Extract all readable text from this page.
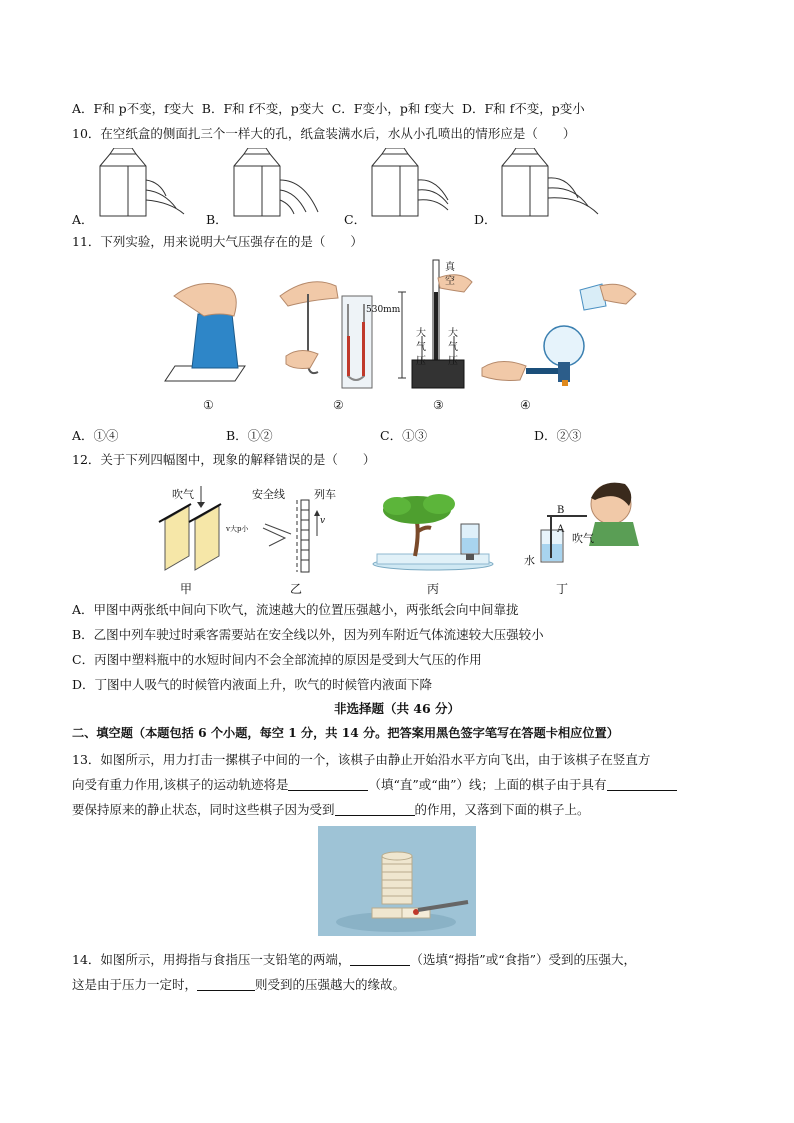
A．F和 p不变，f变大 B．F和 f不变，p变大 C．F变小，p和 f变大 D．F和 f不变，p变小
10．在空纸盒的侧面扎三个一样大的孔，纸盒装满水后，水从小孔喷出的情形应是（　　）
A．	B．	C．	D．
11．下列实验，用来说明大气压强存在的是（　　）
真
空
530mm
大
气
压
大
气
压
①	②	③	④
A．①④	B．①②	C．①③	D．②③
12．关于下列四幅图中，现象的解释错误的是（　　）
吹气	安全线	列车
v大p小
v
B
A
吹气
水
甲	乙	丙	丁
A．甲图中两张纸中间向下吹气，流速越大的位置压强越小，两张纸会向中间靠拢
B．乙图中列车驶过时乘客需要站在安全线以外，因为列车附近气体流速较大压强较小
C．丙图中塑料瓶中的水短时间内不会全部流掉的原因是受到大气压的作用
D．丁图中人吸气的时候管内液面上升，吹气的时候管内液面下降
非选择题（共 46 分）
二、填空题（本题包括 6 个小题，每空 1 分，共 14 分。把答案用黑色签字笔写在答题卡相应位置）
13．如图所示，用力打击一摞棋子中间的一个，该棋子由静止开始沿水平方向飞出，由于该棋子在竖直方
向受有重力作用,该棋子的运动轨迹将是	（填“直”或“曲”）线；上面的棋子由于具有
要保持原来的静止状态，同时这些棋子因为受到	的作用，又落到下面的棋子上。
14．如图所示，用拇指与食指压一支铅笔的两端，	（选填“拇指”或“食指”）受到的压强大，
这是由于压力一定时，	则受到的压强越大的缘故。
